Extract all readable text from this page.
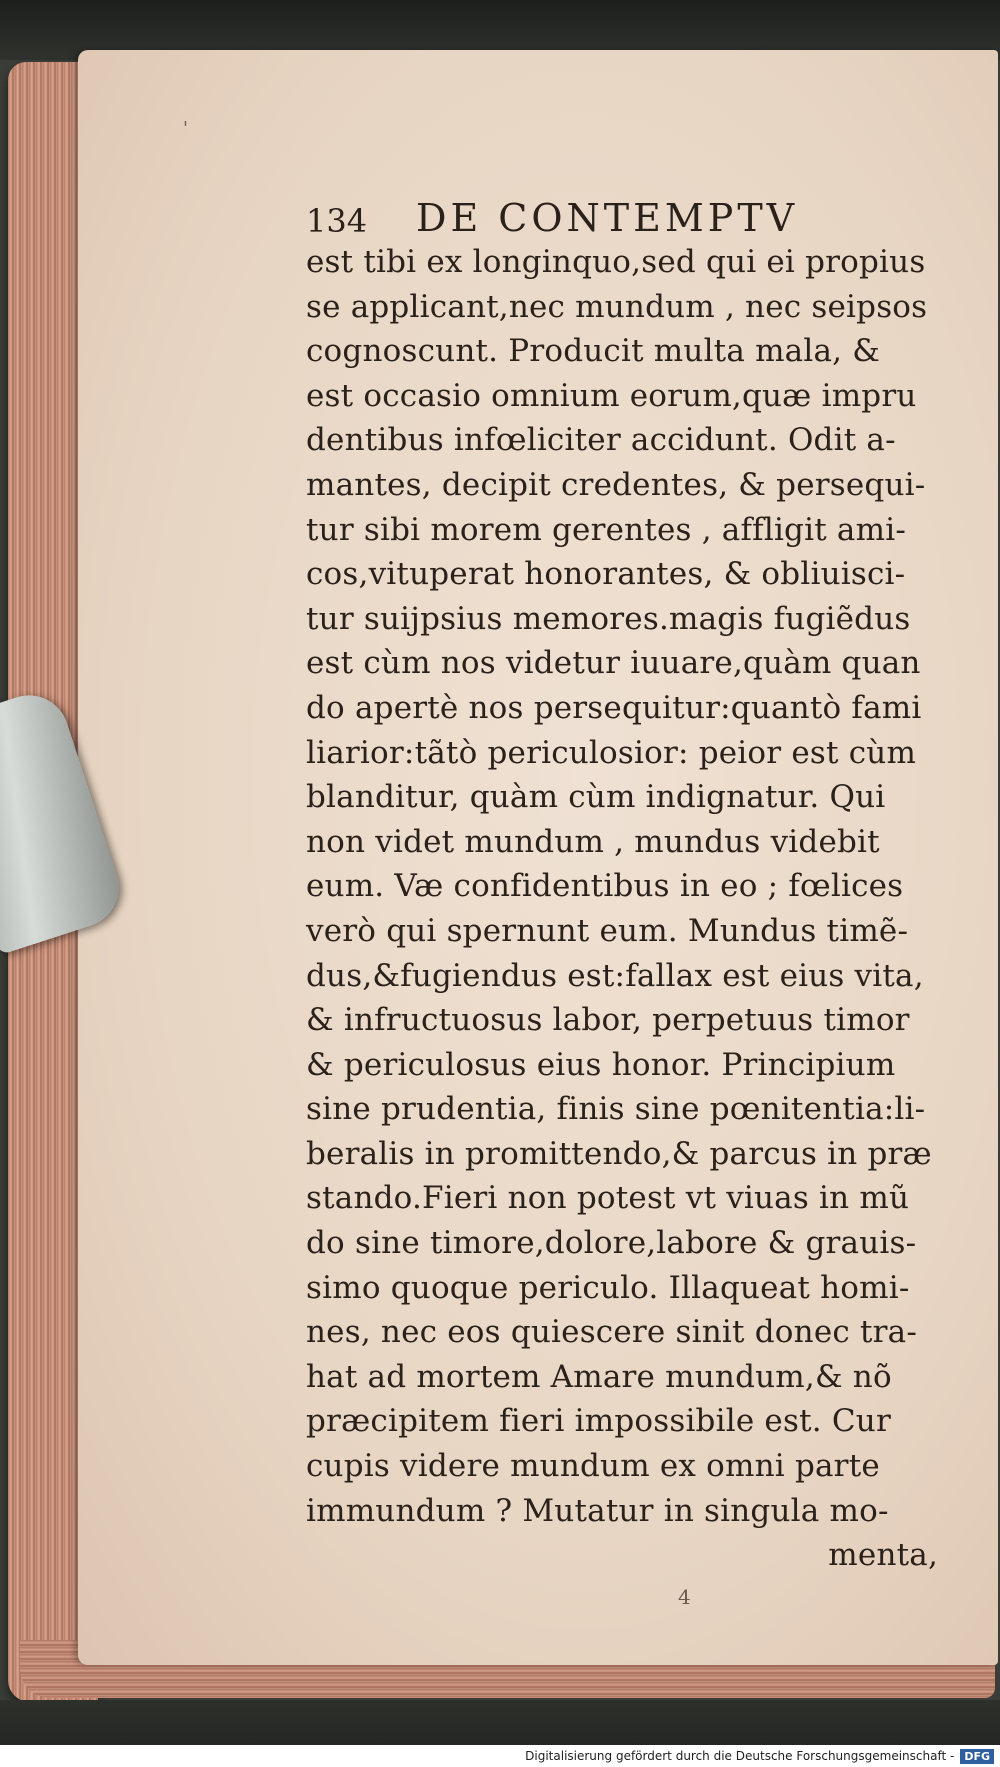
'
134	DE CONTEMPTV
est tibi ex longinquo,sed qui ei propius
se applicant,nec mundum , nec seipsos
cognoscunt. Producit multa mala, &
est occasio omnium eorum,quæ impru
dentibus infœliciter accidunt. Odit a-
mantes, decipit credentes, & persequi-
tur sibi morem gerentes , affligit ami-
cos,vituperat honorantes, & obliuisci-
tur suijpsius memores.magis fugiẽdus
est cùm nos videtur iuuare,quàm quan
do apertè nos persequitur:quantò fami
liarior:tãtò periculosior: peior est cùm
blanditur, quàm cùm indignatur. Qui
non videt mundum , mundus videbit
eum. Væ confidentibus in eo ; fœlices
verò qui spernunt eum. Mundus timẽ-
dus,&fugiendus est:fallax est eius vita,
& infructuosus labor, perpetuus timor
& periculosus eius honor. Principium
sine prudentia, finis sine pœnitentia:li-
beralis in promittendo,& parcus in præ
stando.Fieri non potest vt viuas in mũ
do sine timore,dolore,labore & grauis-
simo quoque periculo. Illaqueat homi-
nes, nec eos quiescere sinit donec tra-
hat ad mortem Amare mundum,& nõ
præcipitem fieri impossibile est. Cur
cupis videre mundum ex omni parte
immundum ? Mutatur in singula mo-
menta,
4
Digitalisierung gefördert durch die Deutsche Forschungsgemeinschaft - DFG
